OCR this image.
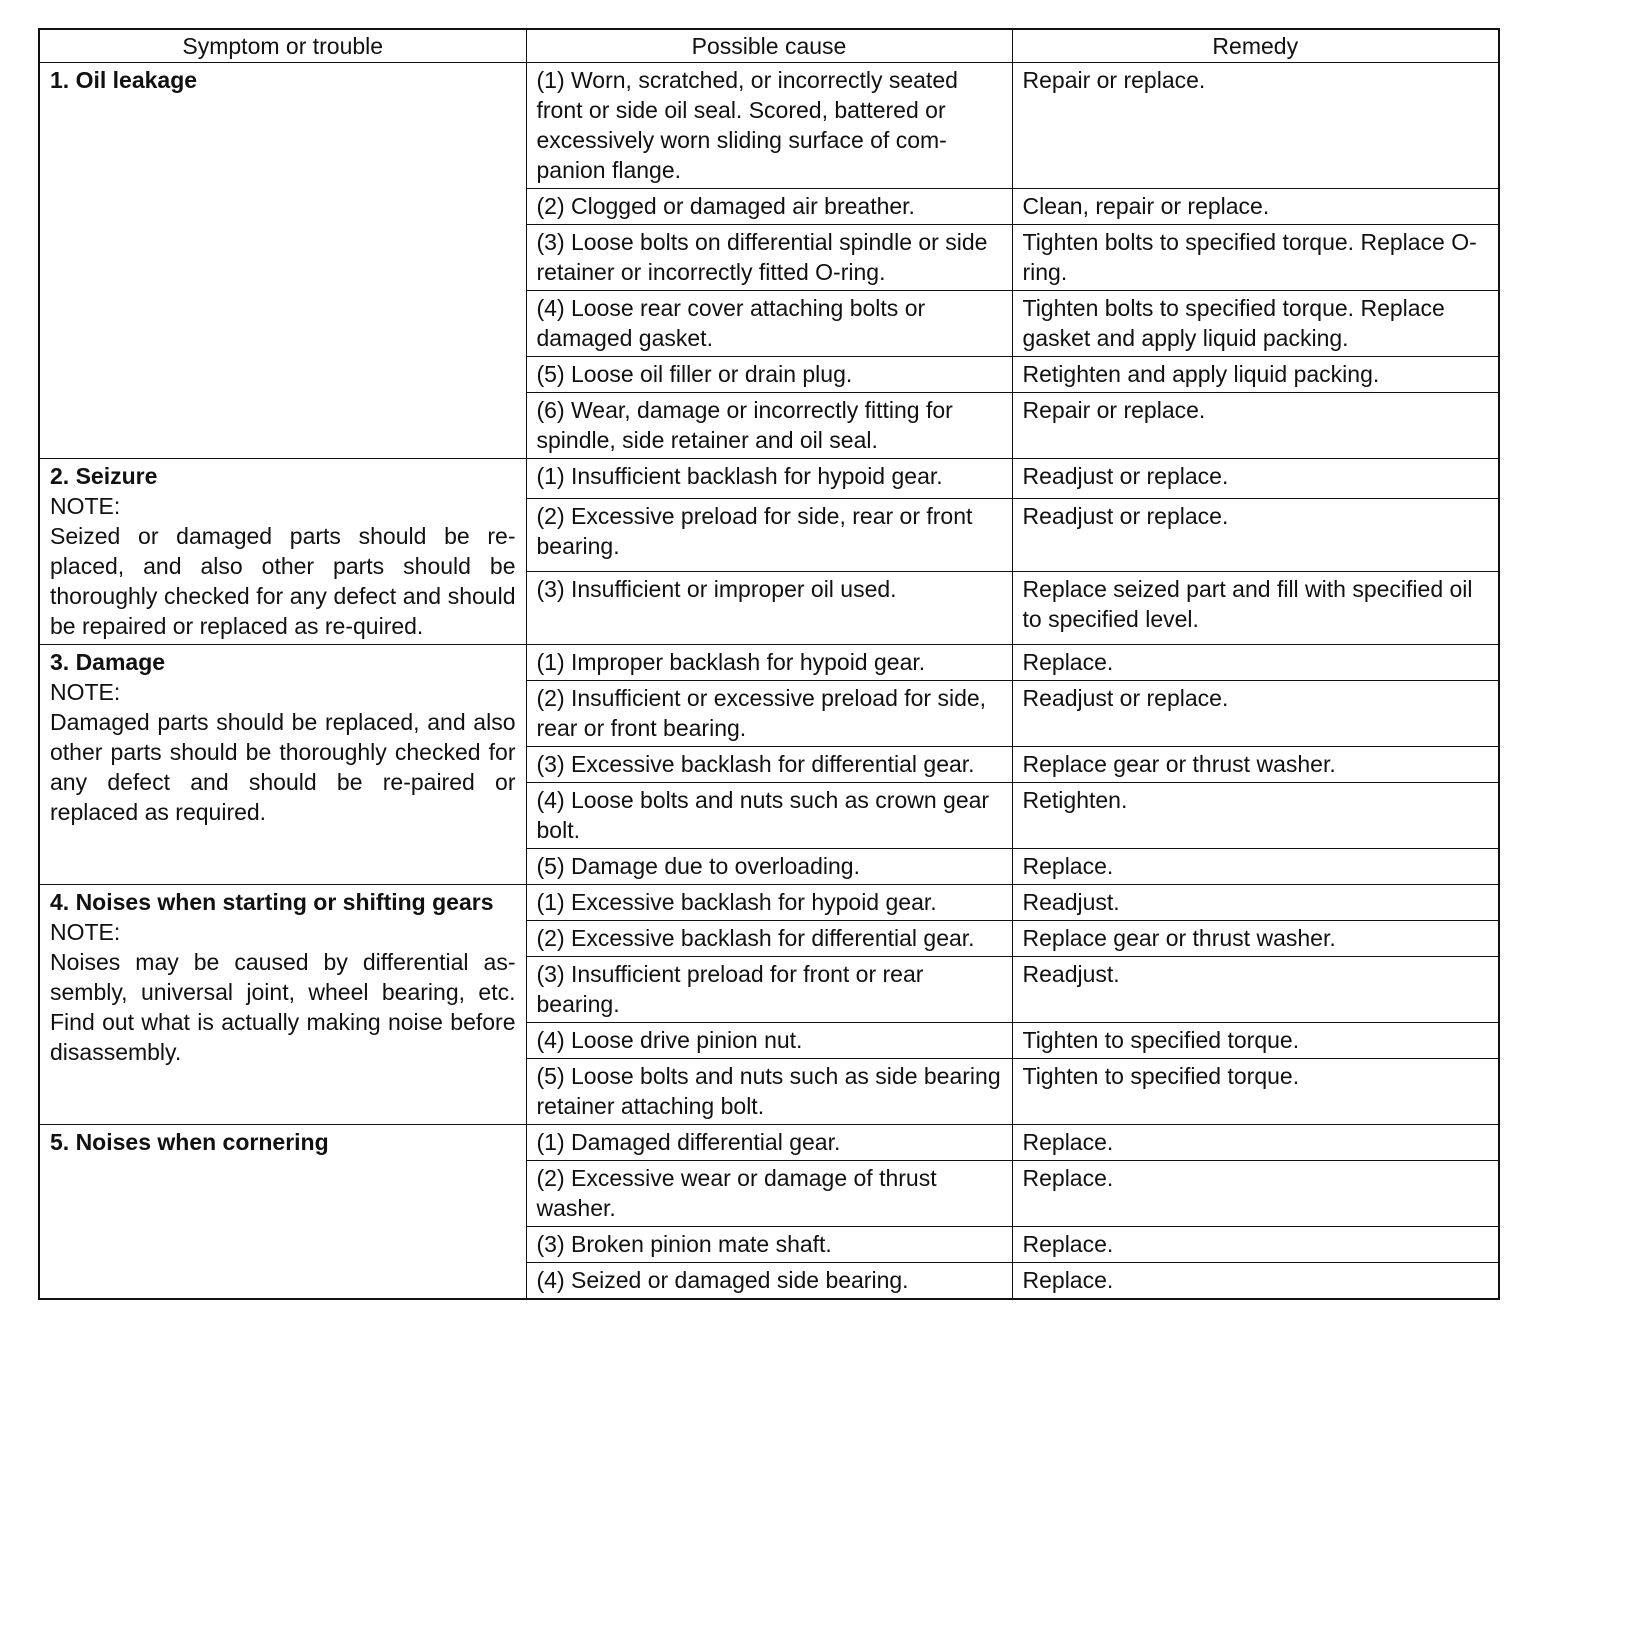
Symptom or trouble	Possible cause	Remedy

1. Oil leakage	(1) Worn, scratched, or incorrectly seated front or side oil seal. Scored, battered or excessively worn sliding surface of com-panion flange.	Repair or replace.
	(2) Clogged or damaged air breather.	Clean, repair or replace.
	(3) Loose bolts on differential spindle or side retainer or incorrectly fitted O-ring.	Tighten bolts to specified torque. Replace O-ring.
	(4) Loose rear cover attaching bolts or damaged gasket.	Tighten bolts to specified torque. Replace gasket and apply liquid packing.
	(5) Loose oil filler or drain plug.	Retighten and apply liquid packing.
	(6) Wear, damage or incorrectly fitting for spindle, side retainer and oil seal.	Repair or replace.

2. Seizure
NOTE:
Seized or damaged parts should be re-placed, and also other parts should be thoroughly checked for any defect and should be repaired or replaced as re-quired.	(1) Insufficient backlash for hypoid gear.	Readjust or replace.
	(2) Excessive preload for side, rear or front bearing.	Readjust or replace.
	(3) Insufficient or improper oil used.	Replace seized part and fill with specified oil to specified level.

3. Damage
NOTE:
Damaged parts should be replaced, and also other parts should be thoroughly checked for any defect and should be re-paired or replaced as required.	(1) Improper backlash for hypoid gear.	Replace.
	(2) Insufficient or excessive preload for side, rear or front bearing.	Readjust or replace.
	(3) Excessive backlash for differential gear.	Replace gear or thrust washer.
	(4) Loose bolts and nuts such as crown gear bolt.	Retighten.
	(5) Damage due to overloading.	Replace.

4. Noises when starting or shifting gears
NOTE:
Noises may be caused by differential as-sembly, universal joint, wheel bearing, etc. Find out what is actually making noise before disassembly.	(1) Excessive backlash for hypoid gear.	Readjust.
	(2) Excessive backlash for differential gear.	Replace gear or thrust washer.
	(3) Insufficient preload for front or rear bearing.	Readjust.
	(4) Loose drive pinion nut.	Tighten to specified torque.
	(5) Loose bolts and nuts such as side bearing retainer attaching bolt.	Tighten to specified torque.

5. Noises when cornering	(1) Damaged differential gear.	Replace.
	(2) Excessive wear or damage of thrust washer.	Replace.
	(3) Broken pinion mate shaft.	Replace.
	(4) Seized or damaged side bearing.	Replace.
